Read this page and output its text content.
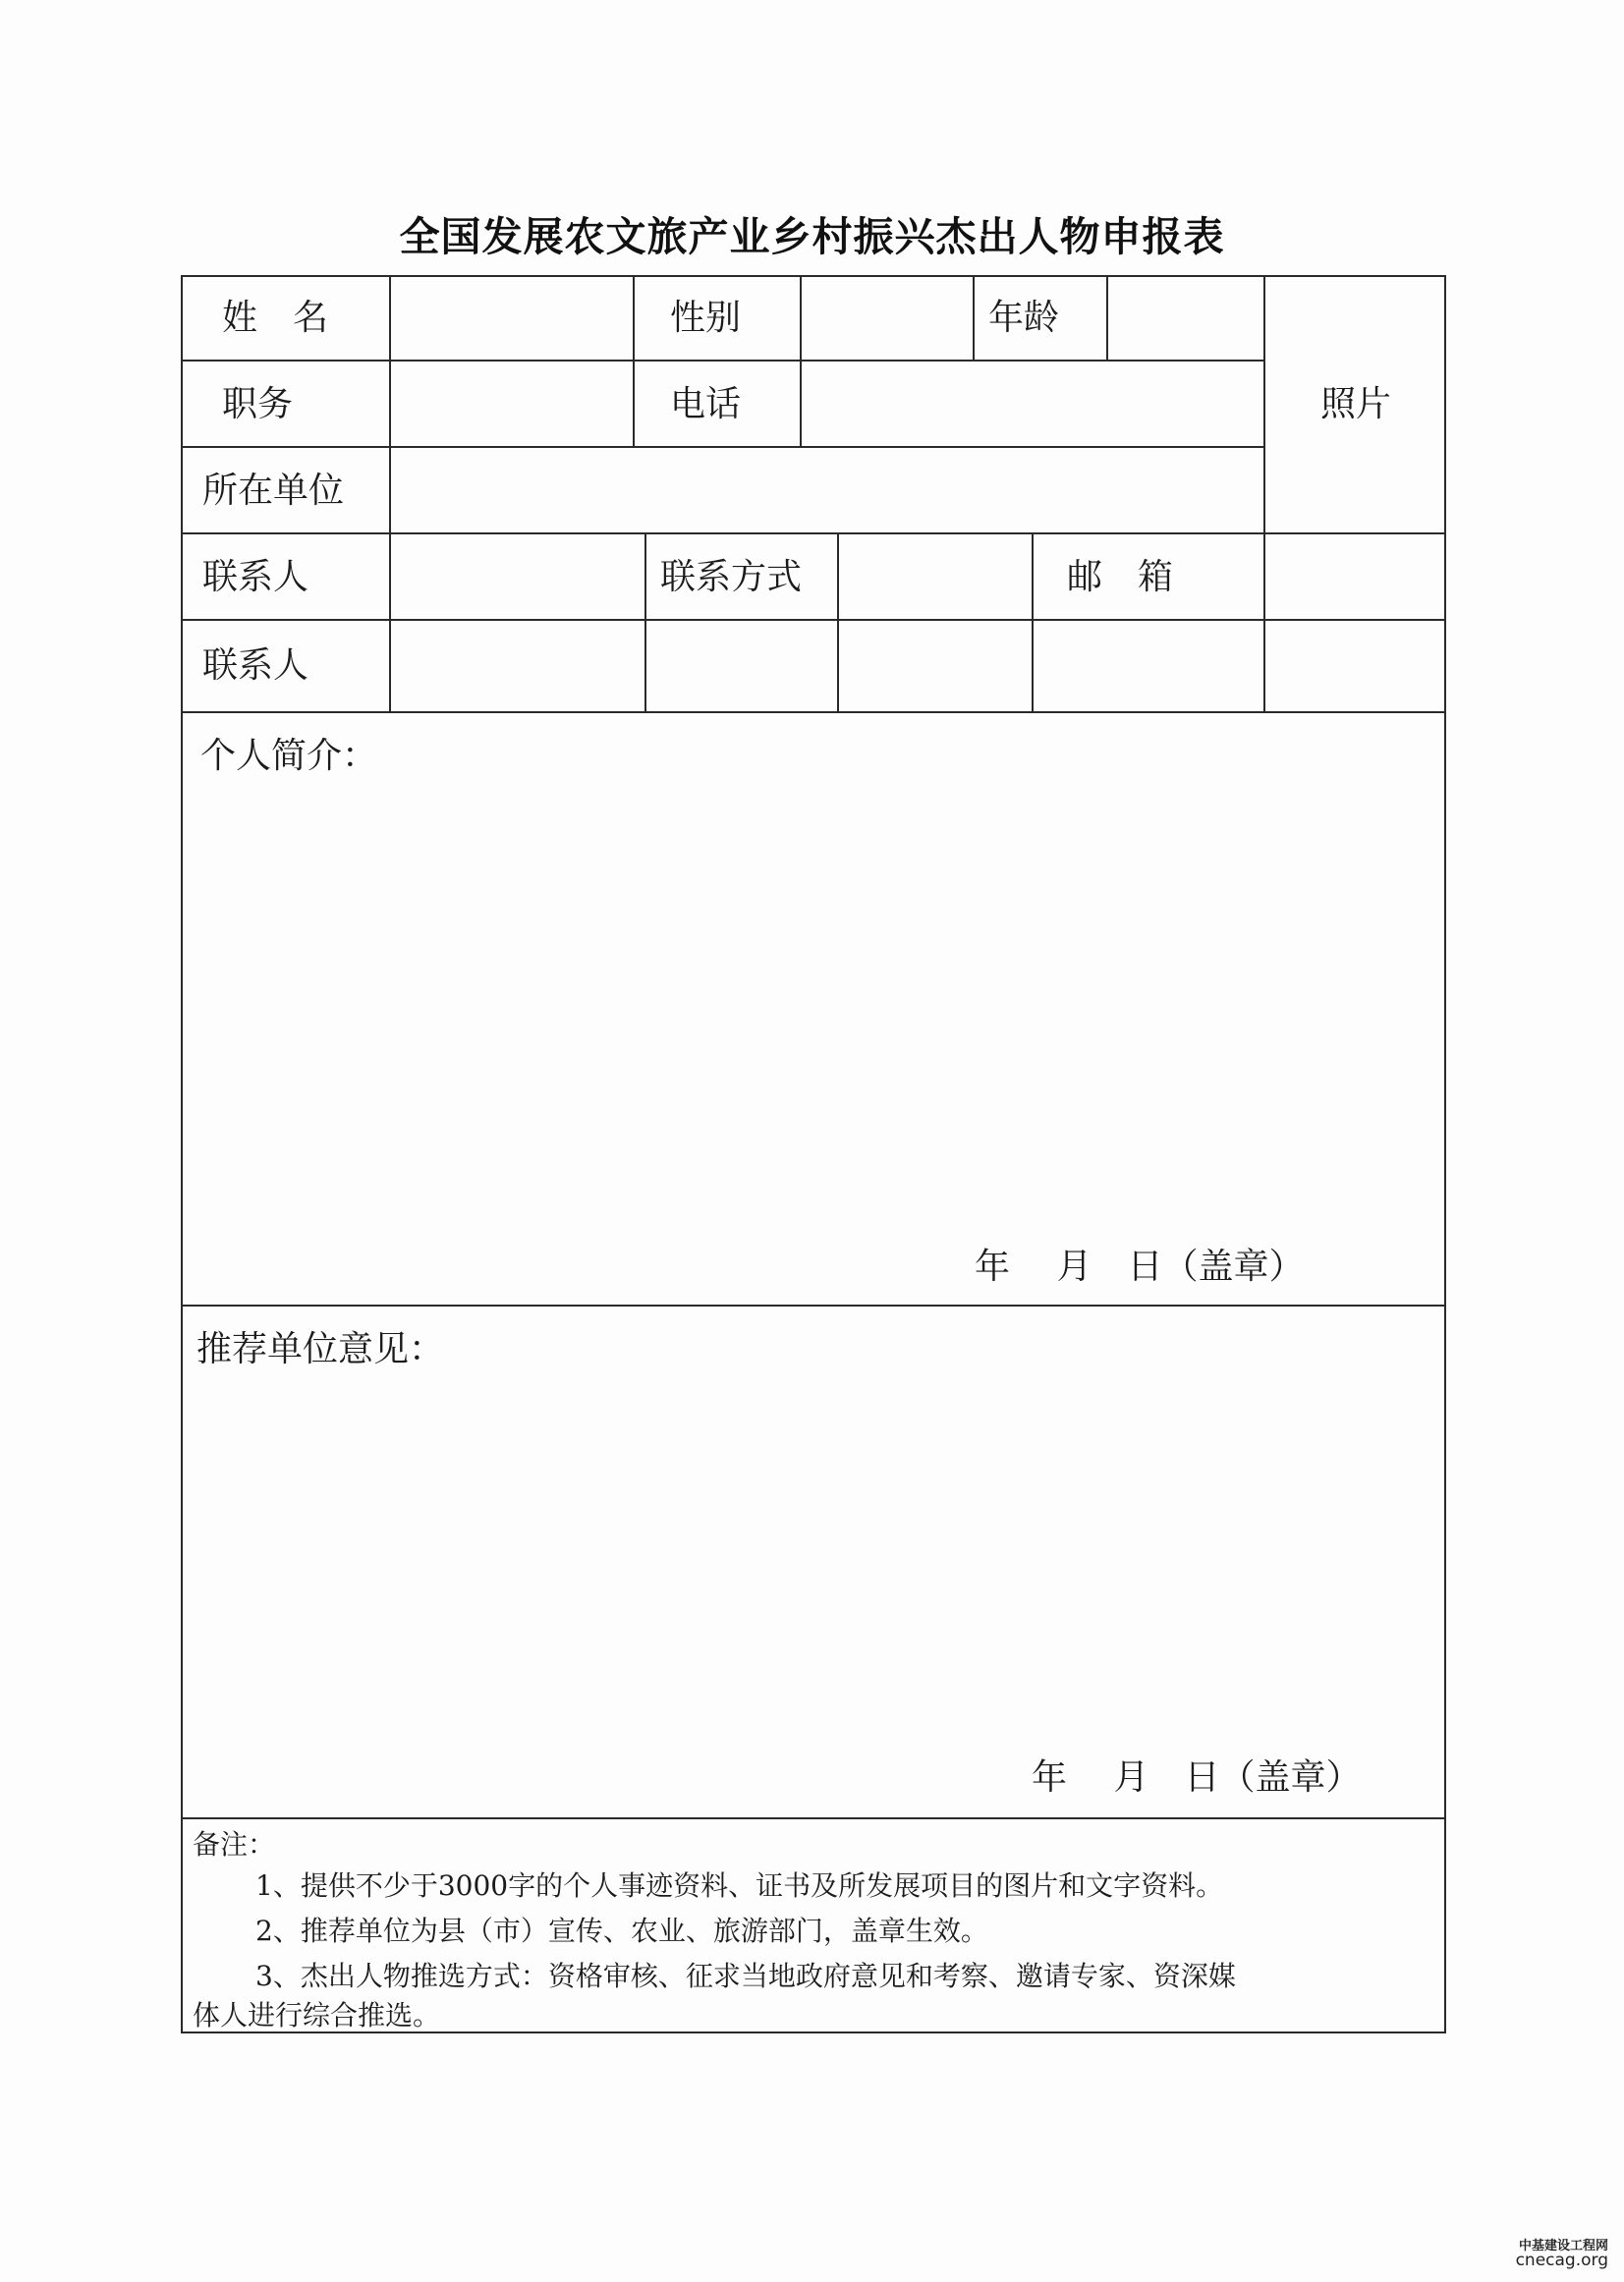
全国发展农文旅产业乡村振兴杰出人物申报表
姓　名	性别	年龄
职务	电话	照片
所在单位
联系人	联系方式	邮　箱
联系人
个人简介：
年　 月　日（盖章）
推荐单位意见：
年　 月　日（盖章）
备注：
1、提供不少于3000字的个人事迹资料、证书及所发展项目的图片和文字资料。
2、推荐单位为县（市）宣传、农业、旅游部门，盖章生效。
3、杰出人物推选方式：资格审核、征求当地政府意见和考察、邀请专家、资深媒
体人进行综合推选。
中基建设工程网
cnecag.org
